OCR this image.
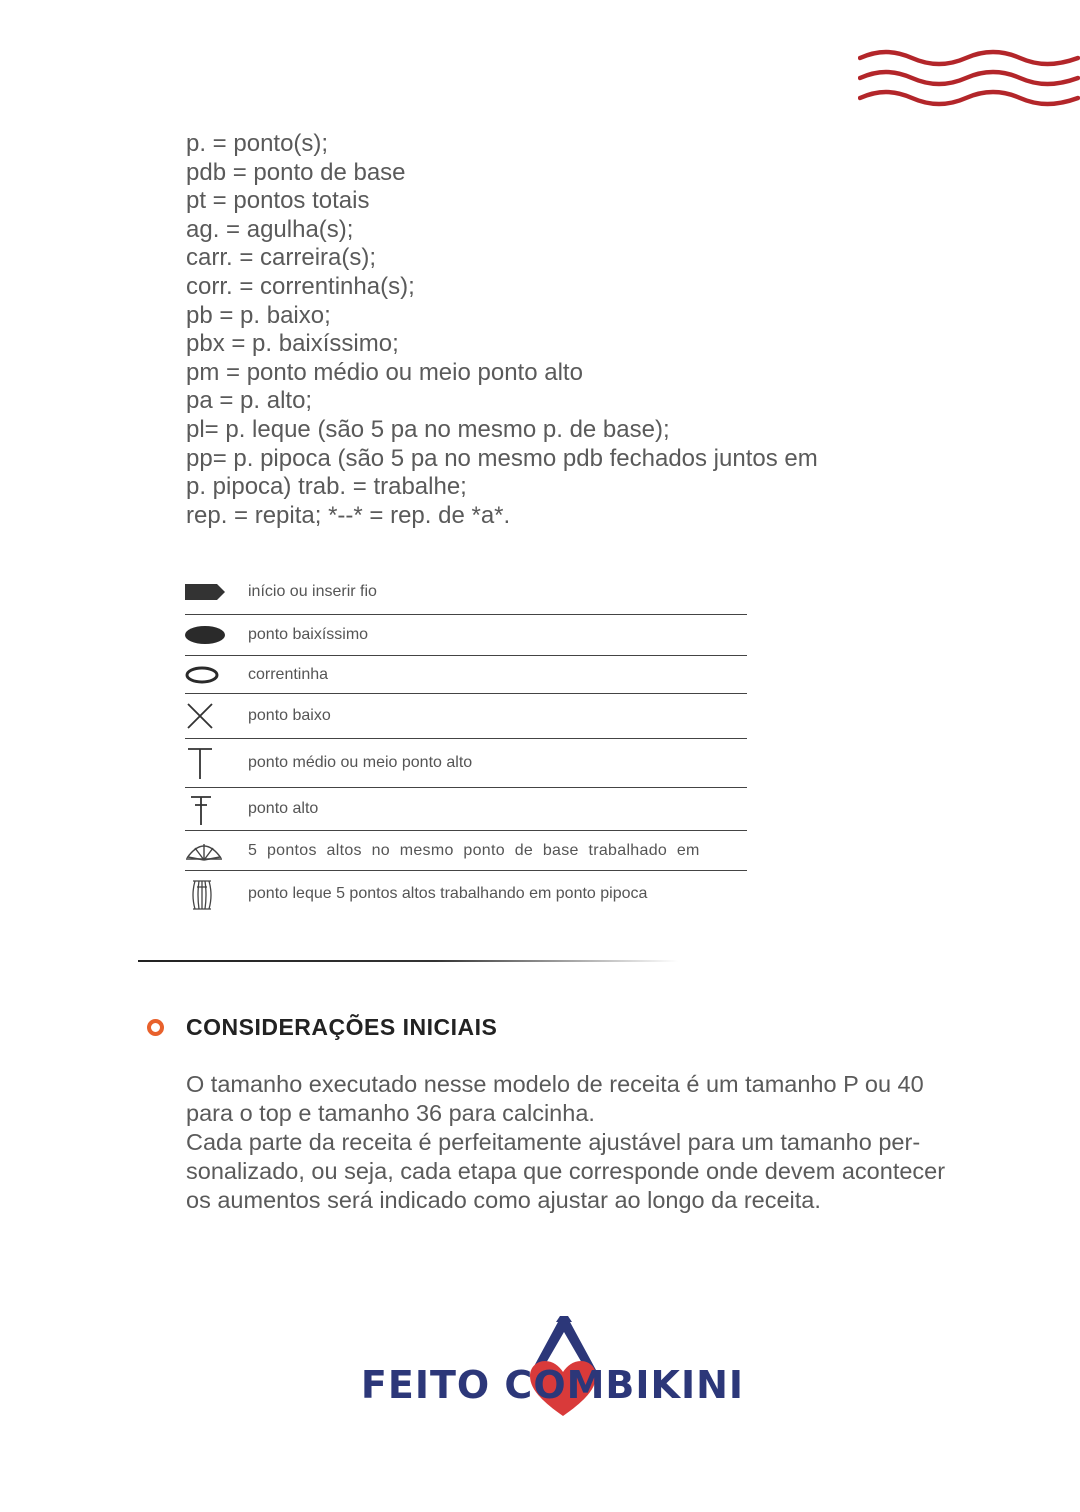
p. = ponto(s);
pdb = ponto de base
pt = pontos totais
ag. = agulha(s);
carr. = carreira(s);
corr. = correntinha(s);
pb = p. baixo;
pbx = p. baixíssimo;
pm = ponto médio ou meio ponto alto
pa = p. alto;
pl= p. leque (são 5 pa no mesmo p. de base);
pp= p. pipoca (são 5 pa no mesmo pdb fechados juntos em
p. pipoca) trab. = trabalhe;
rep. = repita; *--* = rep. de *a*.
início ou inserir fio
ponto baixíssimo
correntinha
ponto baixo
ponto médio ou meio ponto alto
ponto alto
5 pontos altos no mesmo ponto de base trabalhado em
ponto leque 5 pontos altos trabalhando em ponto pipoca
CONSIDERAÇÕES INICIAIS

O tamanho executado nesse modelo de receita é um tamanho P ou 40

para o top e tamanho 36 para calcinha.

Cada parte da receita é perfeitamente ajustável para um tamanho per-

sonalizado, ou seja, cada etapa que corresponde onde devem acontecer

os aumentos será indicado como ajustar ao longo da receita.

FEITO COMBIKINI
